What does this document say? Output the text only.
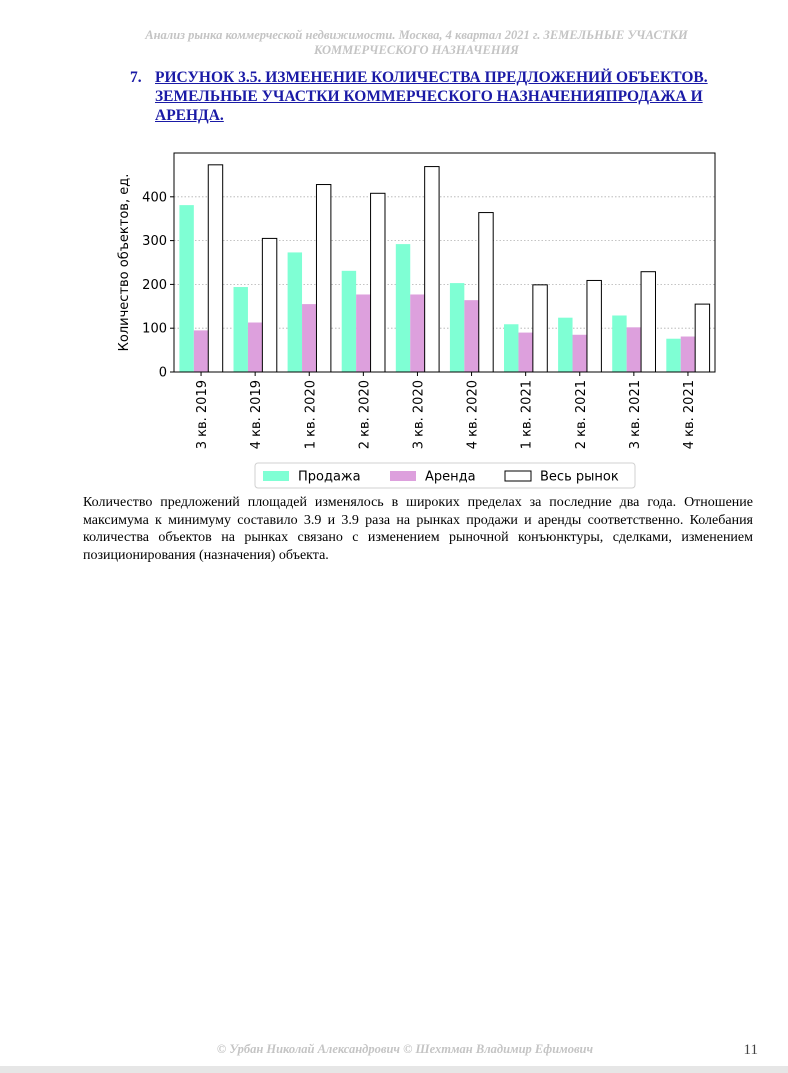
Анализ рынка коммерческой недвижимости. Москва, 4 квартал 2021 г. ЗЕМЕЛЬНЫЕ УЧАСТКИ
КОММЕРЧЕСКОГО НАЗНАЧЕНИЯ
7. РИСУНОК 3.5. ИЗМЕНЕНИЕ КОЛИЧЕСТВА ПРЕДЛОЖЕНИЙ ОБЪЕКТОВ. ЗЕМЕЛЬНЫЕ УЧАСТКИ КОММЕРЧЕСКОГО НАЗНАЧЕНИЯПРОДАЖА И АРЕНДА.
0
100
200
300
400
Количество объектов, ед.
3 кв. 2019	4 кв. 2019	1 кв. 2020	2 кв. 2020	3 кв. 2020	4 кв. 2020	1 кв. 2021	2 кв. 2021	3 кв. 2021	4 кв. 2021
Продажа	Аренда	Весь рынок
Количество предложений площадей изменялось в широких пределах за последние два года. Отношение максимума к минимуму составило 3.9 и 3.9 раза на рынках продажи и аренды соответственно. Колебания количества объектов на рынках связано с изменением рыночной конъюнктуры, сделками, изменением позиционирования (назначения) объекта.
© Урбан Николай Александрович © Шехтман Владимир Ефимович	11
